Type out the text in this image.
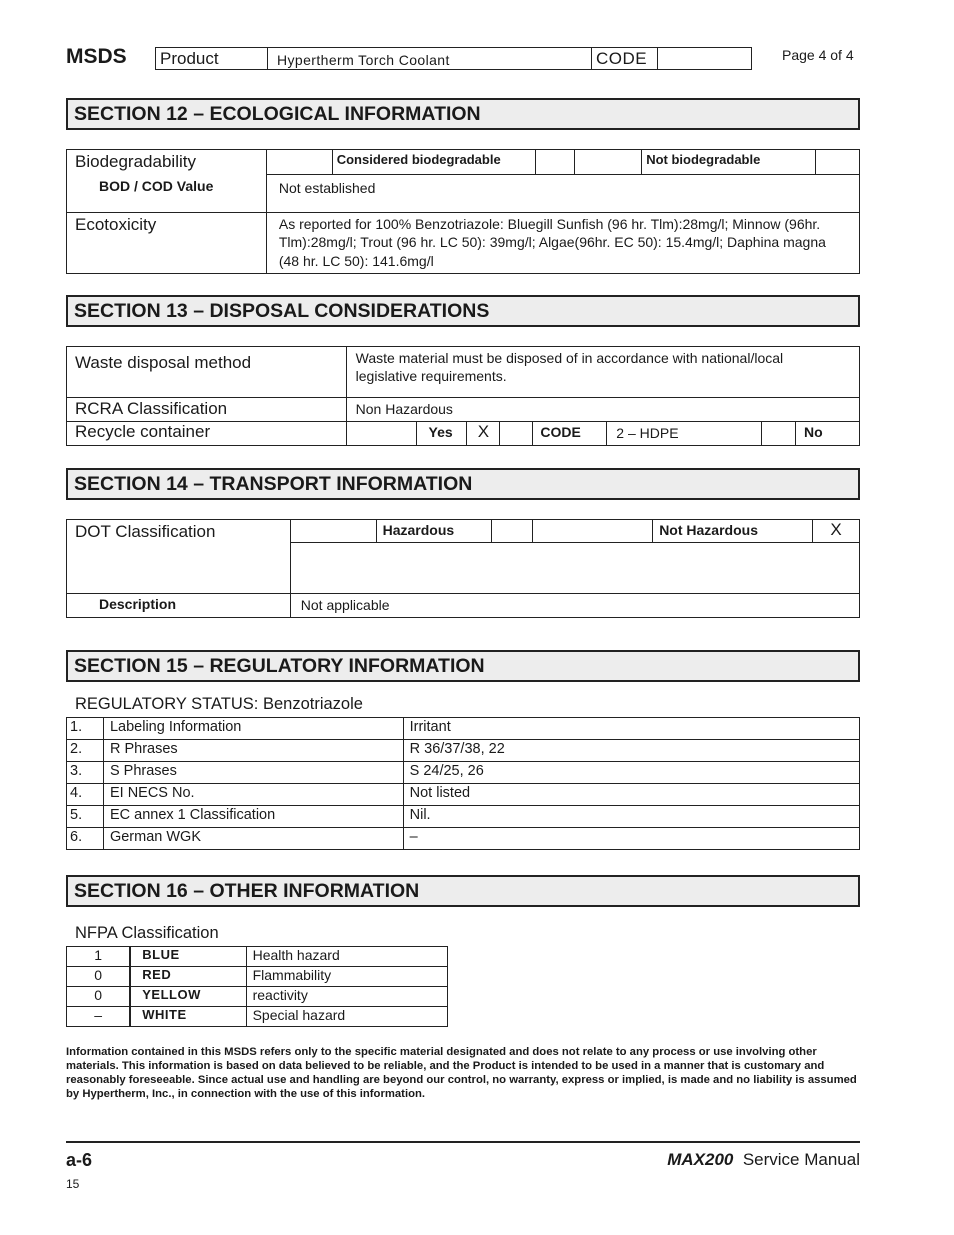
MSDS Product	Hypertherm Torch Coolant	CODE	Page 4 of 4
SECTION 12 – ECOLOGICAL INFORMATION
Biodegradability		Considered biodegradable			Not biodegradable	
BOD / COD Value	Not established					
Ecotoxicity	As reported for 100% Benzotriazole: Bluegill Sunfish (96 hr. Tlm):28mg/l; Minnow (96hr. Tlm):28mg/l; Trout (96 hr. LC 50): 39mg/l; Algae(96hr. EC 50): 15.4mg/l; Daphina magna (48 hr. LC 50): 141.6mg/l					
SECTION 13 – DISPOSAL CONSIDERATIONS
Waste disposal method	Waste material must be disposed of in accordance with national/local legislative requirements.							
RCRA Classification	Non Hazardous							
Recycle container		Yes	X		CODE	2 – HDPE		No
SECTION 14 – TRANSPORT INFORMATION
DOT Classification		Hazardous			Not Hazardous	X

Description	Not applicable					
SECTION 15 – REGULATORY INFORMATION
REGULATORY STATUS: Benzotriazole
1.	Labeling Information	Irritant
2.	R Phrases	R 36/37/38, 22
3.	S Phrases	S 24/25, 26
4.	EI NECS No.	Not listed
5.	EC annex 1 Classification	Nil.
6.	German WGK	–
SECTION 16 – OTHER INFORMATION
NFPA Classification
1	BLUE	Health hazard
0	RED	Flammability
0	YELLOW	reactivity
–	WHITE	Special hazard
Information contained in this MSDS refers only to the specific material designated and does not relate to any process or use involving other materials. This information is based on data believed to be reliable, and the Product is intended to be used in a manner that is customary and reasonably foreseeable. Since actual use and handling are beyond our control, no warranty, express or implied, is made and no liability is assumed by Hypertherm, Inc., in connection with the use of this information.
a-6	MAX200 Service Manual
15
